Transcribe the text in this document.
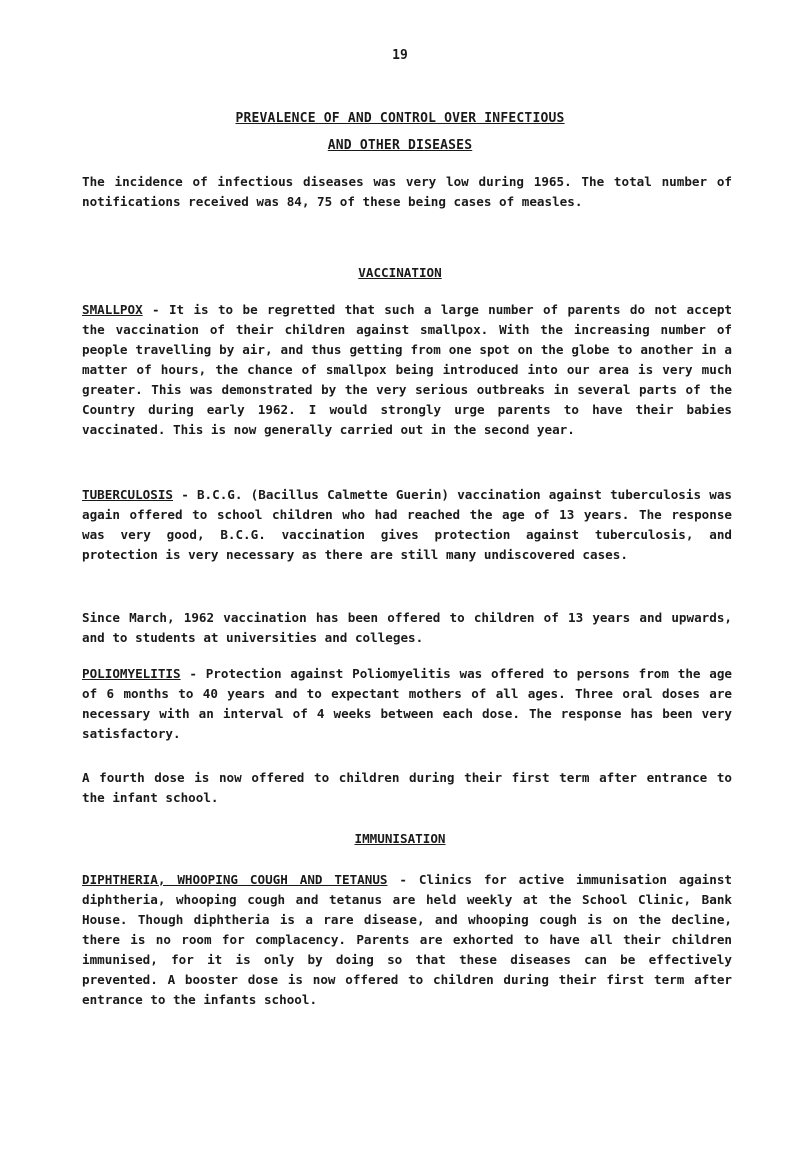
19
PREVALENCE OF AND CONTROL OVER INFECTIOUS
AND OTHER DISEASES

The incidence of infectious diseases was very low during 1965. The total number of notifications received was 84, 75 of these being cases of measles.

VACCINATION

SMALLPOX - It is to be regretted that such a large number of parents do not accept the vaccination of their children against smallpox. With the increasing number of people travelling by air, and thus getting from one spot on the globe to another in a matter of hours, the chance of smallpox being introduced into our area is very much greater. This was demonstrated by the very serious outbreaks in several parts of the Country during early 1962. I would strongly urge parents to have their babies vaccinated. This is now generally carried out in the second year.

TUBERCULOSIS - B.C.G. (Bacillus Calmette Guerin) vaccination against tuberculosis was again offered to school children who had reached the age of 13 years. The response was very good, B.C.G. vaccination gives protection against tuberculosis, and protection is very necessary as there are still many undiscovered cases.

Since March, 1962 vaccination has been offered to children of 13 years and upwards, and to students at universities and colleges.

POLIOMYELITIS - Protection against Poliomyelitis was offered to persons from the age of 6 months to 40 years and to expectant mothers of all ages. Three oral doses are necessary with an interval of 4 weeks between each dose. The response has been very satisfactory.

A fourth dose is now offered to children during their first term after entrance to the infant school.

IMMUNISATION

DIPHTHERIA, WHOOPING COUGH AND TETANUS - Clinics for active immunisation against diphtheria, whooping cough and tetanus are held weekly at the School Clinic, Bank House. Though diphtheria is a rare disease, and whooping cough is on the decline, there is no room for complacency. Parents are exhorted to have all their children immunised, for it is only by doing so that these diseases can be effectively prevented. A booster dose is now offered to children during their first term after entrance to the infants school.
